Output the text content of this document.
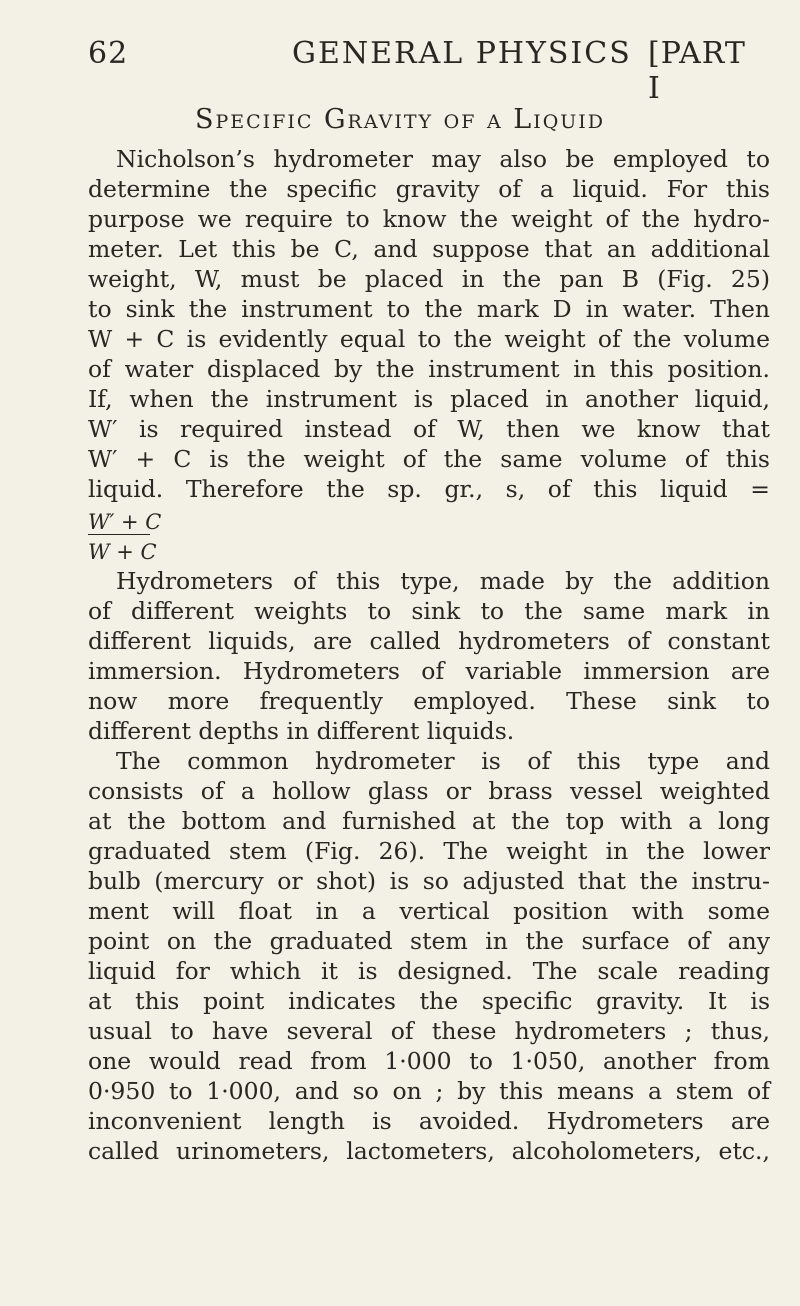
62	GENERAL PHYSICS [PART I
Specific Gravity of a Liquid
Nicholson’s hydrometer may also be employed to
determine the specific gravity of a liquid. For this
purpose we require to know the weight of the hydro-
meter. Let this be C, and suppose that an additional
weight, W, must be placed in the pan B (Fig. 25)
to sink the instrument to the mark D in water. Then
W + C is evidently equal to the weight of the volume
of water displaced by the instrument in this position.
If, when the instrument is placed in another liquid,
W′ is required instead of W, then we know that
W′ + C is the weight of the same volume of this
liquid. Therefore the sp. gr., s, of this liquid =
W′ + C
W + C
Hydrometers of this type, made by the addition
of different weights to sink to the same mark in
different liquids, are called hydrometers of constant
immersion. Hydrometers of variable immersion are
now more frequently employed. These sink to
different depths in different liquids.
The common hydrometer is of this type and
consists of a hollow glass or brass vessel weighted
at the bottom and furnished at the top with a long
graduated stem (Fig. 26). The weight in the lower
bulb (mercury or shot) is so adjusted that the instru-
ment will float in a vertical position with some
point on the graduated stem in the surface of any
liquid for which it is designed. The scale reading
at this point indicates the specific gravity. It is
usual to have several of these hydrometers ; thus,
one would read from 1·000 to 1·050, another from
0·950 to 1·000, and so on ; by this means a stem of
inconvenient length is avoided. Hydrometers are
called urinometers, lactometers, alcoholometers, etc.,
